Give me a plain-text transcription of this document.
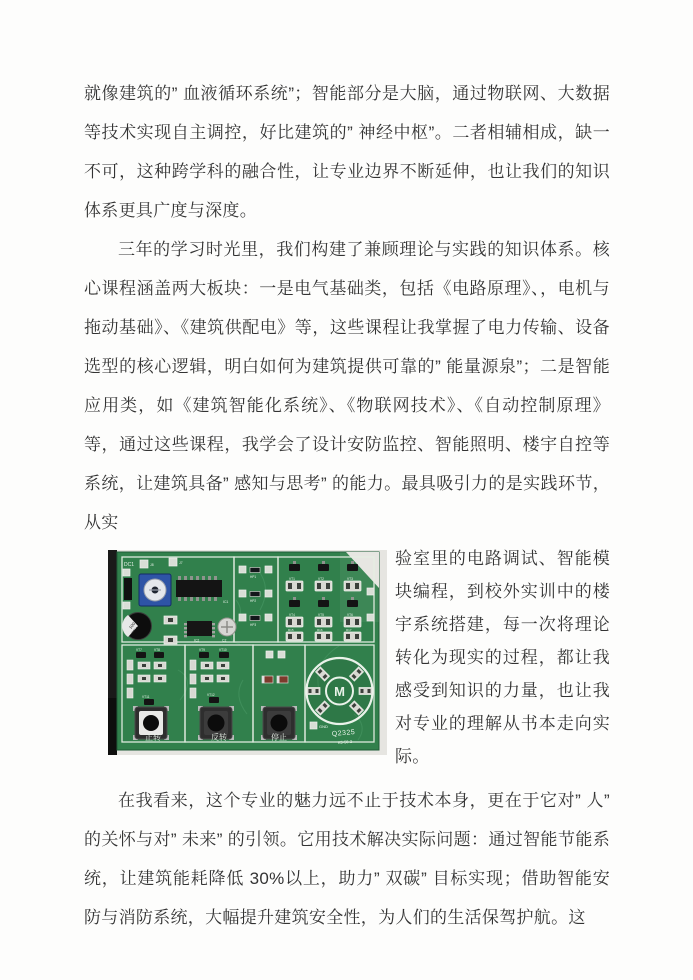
就像建筑的” 血液循环系统”；智能部分是大脑，通过物联网、大数据等技术实现自主调控，好比建筑的” 神经中枢”。二者相辅相成，缺一不可，这种跨学科的融合性，让专业边界不断延伸，也让我们的知识体系更具广度与深度。

三年的学习时光里，我们构建了兼顾理论与实践的知识体系。核心课程涵盖两大板块：一是电气基础类，包括《电路原理》、，电机与拖动基础》、《建筑供配电》等，这些课程让我掌握了电力传输、设备选型的核心逻辑，明白如何为建筑提供可靠的” 能量源泉”；二是智能应用类，如《建筑智能化系统》、《物联网技术》、《自动控制原理》等，通过这些课程，我学会了设计安防监控、智能照明、楼宇自控等系统，让建筑具备” 感知与思考” 的能力。最具吸引力的是实践环节，从实

DC1	J8	J7
IC1
100
35V
IC2	C2
HP1
HP2
HP3
VT1	VT2	VT3
VT4	VT5	VT6
R15	R16	R17
VT7	VT8
VT11
正转
VT9	VT10
VT12
反转	停止
M
GND
Q2325
K5-58-2

验室里的电路调试、智能模块编程，到校外实训中的楼宇系统搭建，每一次将理论转化为现实的过程，都让我感受到知识的力量，也让我对专业的理解从书本走向实际。

在我看来，这个专业的魅力远不止于技术本身，更在于它对” 人” 的关怀与对” 未来” 的引领。它用技术解决实际问题：通过智能节能系统，让建筑能耗降低 30%以上，助力” 双碳” 目标实现；借助智能安防与消防系统，大幅提升建筑安全性，为人们的生活保驾护航。这
